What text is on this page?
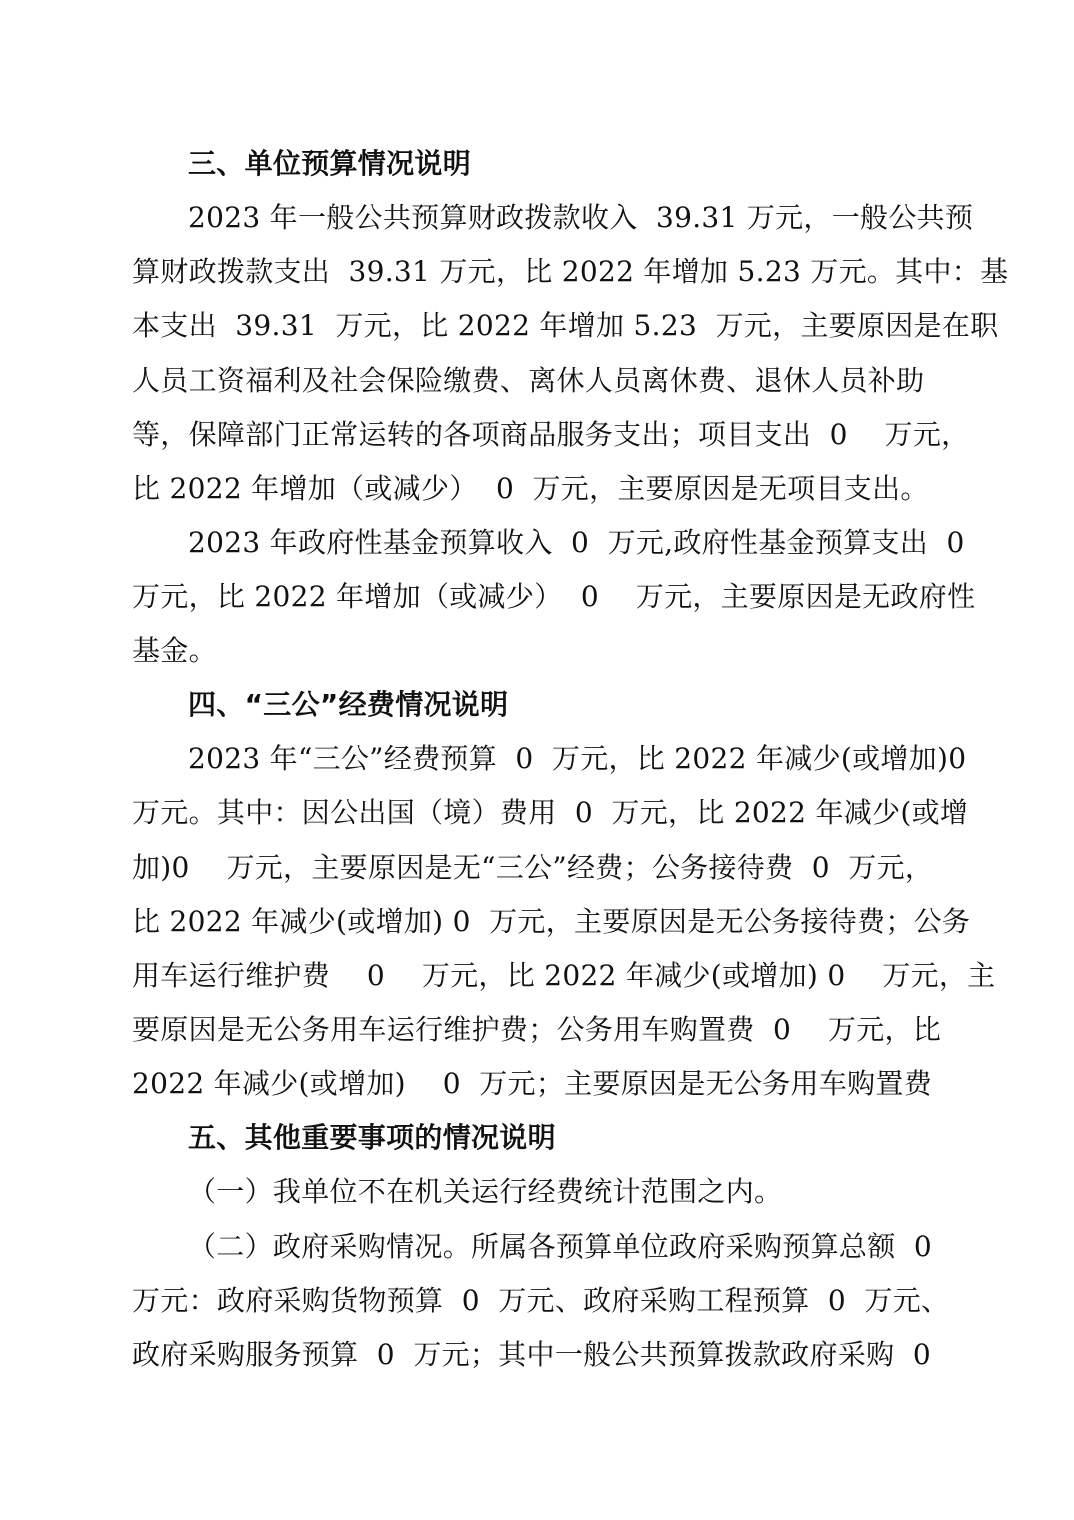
三、单位预算情况说明
2023 年一般公共预算财政拨款收入  39.31 万元，一般公共预
算财政拨款支出  39.31 万元，比 2022 年增加 5.23 万元。其中：基
本支出  39.31  万元，比 2022 年增加 5.23  万元，主要原因是在职
人员工资福利及社会保险缴费、离休人员离休费、退休人员补助
等，保障部门正常运转的各项商品服务支出；项目支出  0    万元，
比 2022 年增加（或减少）  0  万元，主要原因是无项目支出。
2023 年政府性基金预算收入  0  万元,政府性基金预算支出  0
万元，比 2022 年增加（或减少）  0    万元，主要原因是无政府性
基金。
四、“三公”经费情况说明
2023 年“三公”经费预算  0  万元，比 2022 年减少(或增加)0
万元。其中：因公出国（境）费用  0  万元，比 2022 年减少(或增
加)0    万元，主要原因是无“三公”经费；公务接待费  0  万元，
比 2022 年减少(或增加) 0  万元，主要原因是无公务接待费；公务
用车运行维护费    0    万元，比 2022 年减少(或增加) 0    万元，主
要原因是无公务用车运行维护费；公务用车购置费  0    万元，比
2022 年减少(或增加)    0  万元；主要原因是无公务用车购置费
五、其他重要事项的情况说明
（一）我单位不在机关运行经费统计范围之内。
（二）政府采购情况。所属各预算单位政府采购预算总额  0
万元：政府采购货物预算  0  万元、政府采购工程预算  0  万元、
政府采购服务预算  0  万元；其中一般公共预算拨款政府采购  0
